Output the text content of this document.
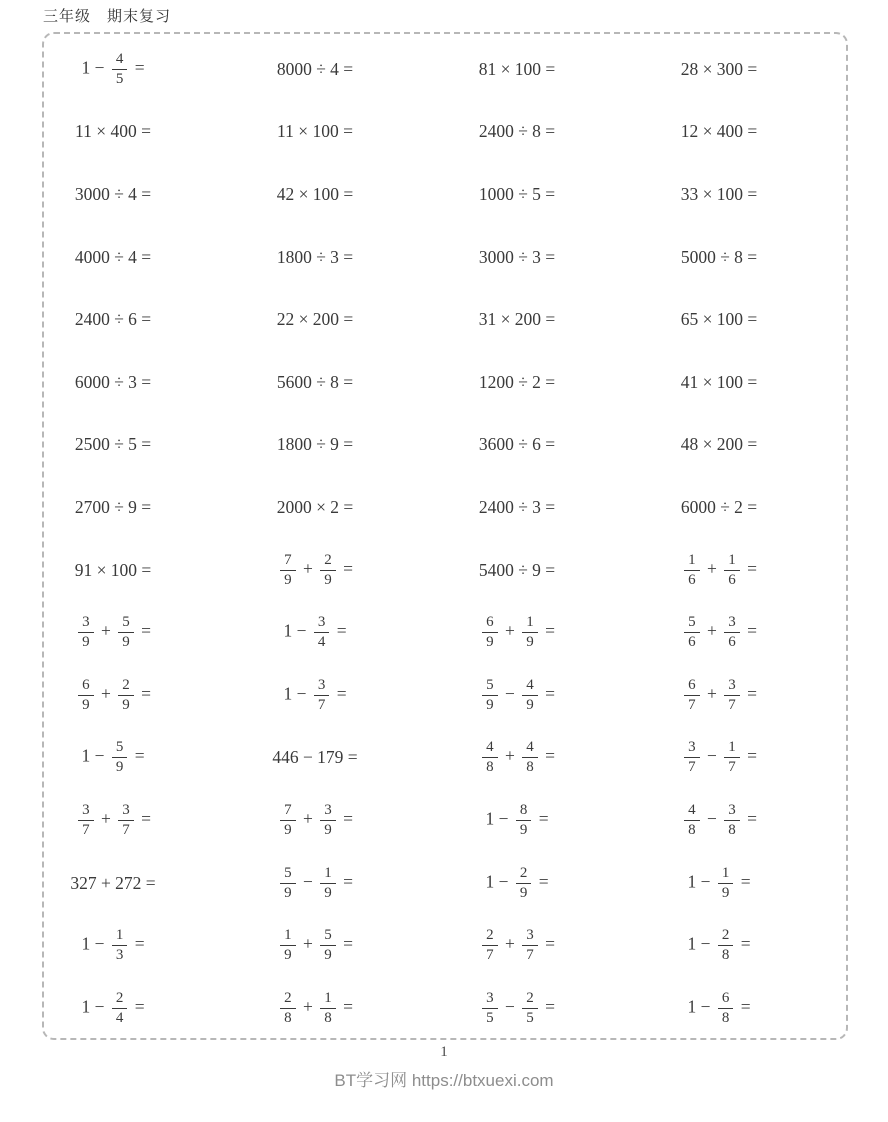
三年级　期末复习
$1 - \frac{4}{5}$ =	8000 ÷ 4 =	81 × 100 =	28 × 300 =
11 × 400 =	11 × 100 =	2400 ÷ 8 =	12 × 400 =
3000 ÷ 4 =	42 × 100 =	1000 ÷ 5 =	33 × 100 =
4000 ÷ 4 =	1800 ÷ 3 =	3000 ÷ 3 =	5000 ÷ 8 =
2400 ÷ 6 =	22 × 200 =	31 × 200 =	65 × 100 =
6000 ÷ 3 =	5600 ÷ 8 =	1200 ÷ 2 =	41 × 100 =
2500 ÷ 5 =	1800 ÷ 9 =	3600 ÷ 6 =	48 × 200 =
2700 ÷ 9 =	2000 × 2 =	2400 ÷ 3 =	6000 ÷ 2 =
91 × 100 =	$\frac{7}{9} + \frac{2}{9}$ =	5400 ÷ 9 =	$\frac{1}{6} + \frac{1}{6}$ =
$\frac{3}{9} + \frac{5}{9}$ =	$1 - \frac{3}{4}$ =	$\frac{6}{9} + \frac{1}{9}$ =	$\frac{5}{6} + \frac{3}{6}$ =
$\frac{6}{9} + \frac{2}{9}$ =	$1 - \frac{3}{7}$ =	$\frac{5}{9} - \frac{4}{9}$ =	$\frac{6}{7} + \frac{3}{7}$ =
$1 - \frac{5}{9}$ =	446 − 179 =	$\frac{4}{8} + \frac{4}{8}$ =	$\frac{3}{7} - \frac{1}{7}$ =
$\frac{3}{7} + \frac{3}{7}$ =	$\frac{7}{9} + \frac{3}{9}$ =	$1 - \frac{8}{9}$ =	$\frac{4}{8} - \frac{3}{8}$ =
327 + 272 =	$\frac{5}{9} - \frac{1}{9}$ =	$1 - \frac{2}{9}$ =	$1 - \frac{1}{9}$ =
$1 - \frac{1}{3}$ =	$\frac{1}{9} + \frac{5}{9}$ =	$\frac{2}{7} + \frac{3}{7}$ =	$1 - \frac{2}{8}$ =
$1 - \frac{2}{4}$ =	$\frac{2}{8} + \frac{1}{8}$ =	$\frac{3}{5} - \frac{2}{5}$ =	$1 - \frac{6}{8}$ =
1
BT学习网 https://btxuexi.com
